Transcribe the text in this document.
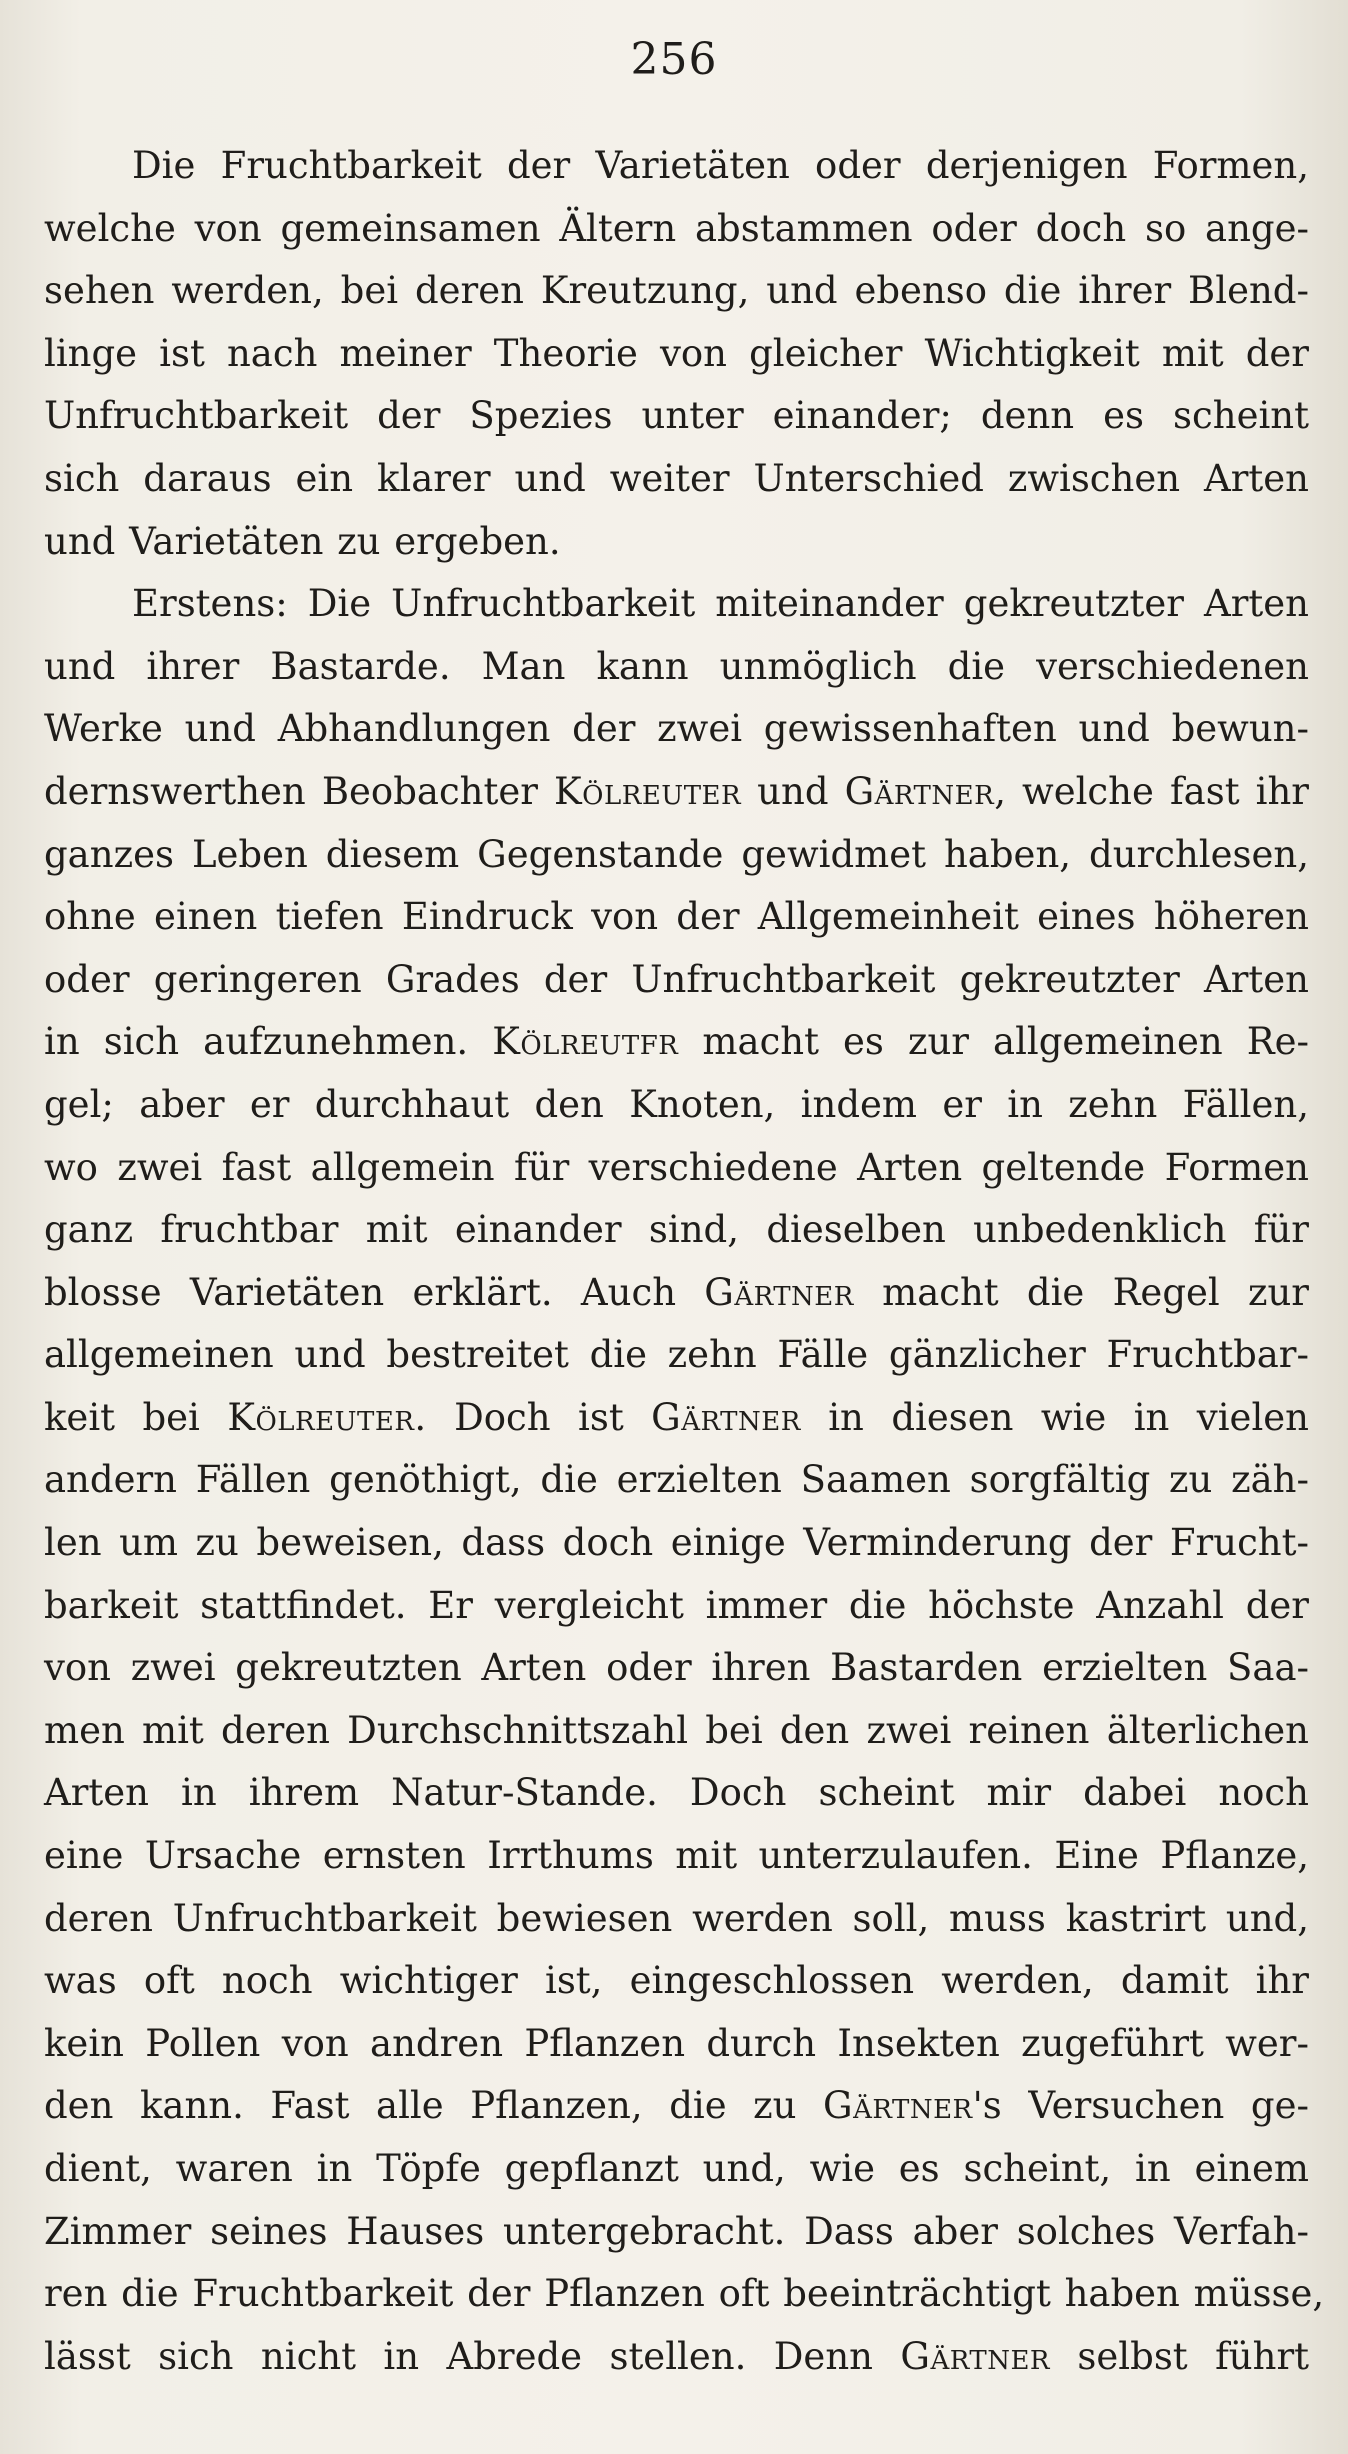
256
Die Fruchtbarkeit der Varietäten oder derjenigen Formen,
welche von gemeinsamen Ältern abstammen oder doch so ange-
sehen werden, bei deren Kreutzung, und ebenso die ihrer Blend-
linge ist nach meiner Theorie von gleicher Wichtigkeit mit der
Unfruchtbarkeit der Spezies unter einander; denn es scheint
sich daraus ein klarer und weiter Unterschied zwischen Arten
und Varietäten zu ergeben.
Erstens: Die Unfruchtbarkeit miteinander gekreutzter Arten
und ihrer Bastarde. Man kann unmöglich die verschiedenen
Werke und Abhandlungen der zwei gewissenhaften und bewun-
dernswerthen Beobachter Kölreuter und Gärtner, welche fast ihr
ganzes Leben diesem Gegenstande gewidmet haben, durchlesen,
ohne einen tiefen Eindruck von der Allgemeinheit eines höheren
oder geringeren Grades der Unfruchtbarkeit gekreutzter Arten
in sich aufzunehmen. Kölreutfr macht es zur allgemeinen Re-
gel; aber er durchhaut den Knoten, indem er in zehn Fällen,
wo zwei fast allgemein für verschiedene Arten geltende Formen
ganz fruchtbar mit einander sind, dieselben unbedenklich für
blosse Varietäten erklärt. Auch Gärtner macht die Regel zur
allgemeinen und bestreitet die zehn Fälle gänzlicher Fruchtbar-
keit bei Kölreuter. Doch ist Gärtner in diesen wie in vielen
andern Fällen genöthigt, die erzielten Saamen sorgfältig zu zäh-
len um zu beweisen, dass doch einige Verminderung der Frucht-
barkeit stattfindet. Er vergleicht immer die höchste Anzahl der
von zwei gekreutzten Arten oder ihren Bastarden erzielten Saa-
men mit deren Durchschnittszahl bei den zwei reinen älterlichen
Arten in ihrem Natur-Stande. Doch scheint mir dabei noch
eine Ursache ernsten Irrthums mit unterzulaufen. Eine Pflanze,
deren Unfruchtbarkeit bewiesen werden soll, muss kastrirt und,
was oft noch wichtiger ist, eingeschlossen werden, damit ihr
kein Pollen von andren Pflanzen durch Insekten zugeführt wer-
den kann. Fast alle Pflanzen, die zu Gärtner's Versuchen ge-
dient, waren in Töpfe gepflanzt und, wie es scheint, in einem
Zimmer seines Hauses untergebracht. Dass aber solches Verfah-
ren die Fruchtbarkeit der Pflanzen oft beeinträchtigt haben müsse,
lässt sich nicht in Abrede stellen. Denn Gärtner selbst führt
